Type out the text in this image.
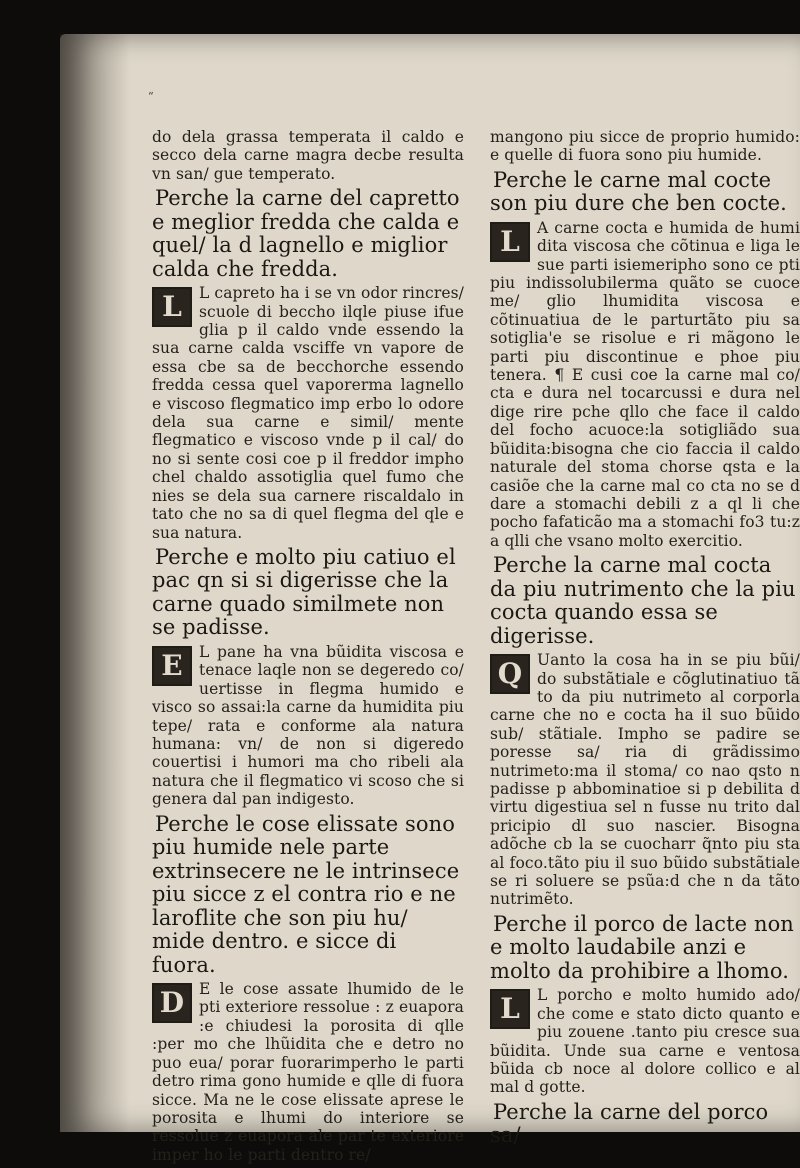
“
do dela grassa temperata il caldo e secco dela carne magra decbe resulta vn san/ gue temperato.
Perche la carne del capretto e meglior fredda che calda e quel/ la d lagnello e miglior calda che fredda.
L	L capreto ha i se vn odor rincres/ scuole di beccho ilqle piuse ifue glia p il caldo vnde essendo la sua carne calda vsciffe vn vapore de essa cbe sa de becchorche essendo fredda cessa quel vaporerma lagnello e viscoso flegmatico imp erbo lo odore dela sua carne e simil/ mente flegmatico e viscoso vnde p il cal/ do no si sente cosi coe p il freddor impho chel chaldo assotiglia quel fumo che nies se dela sua carnere riscaldalo in tato che no sa di quel flegma del qle e sua natura.
Perche e molto piu catiuo el pac qn si si digerisse che la carne quado similmete non se padisse.
E	L pane ha vna bũidita viscosa e tenace laqle non se degeredo co/ uertisse in flegma humido e visco so assai:la carne da humidita piu tepe/ rata e conforme ala natura humana: vn/ de non si digeredo couertisi i humori ma cho ribeli ala natura che il flegmatico vi scoso che si genera dal pan indigesto.
Perche le cose elissate sono piu humide nele parte extrinsecere ne le intrinsece piu sicce z el contra rio e ne laroflite che son piu hu/ mide dentro. e sicce di fuora.
D E le cose assate lhumido de le pti exteriore ressolue : z euapora :e chiudesi la porosita di qlle :per mo che lhũidita che e detro no puo eua/ porar fuorarimperho le parti detro rima gono humide e qlle di fuora sicce. Ma ne le cose elissate aprese le porosita e lhumi do interiore se ressolue z euapora ale par te exteriore imper ho le parti dentro re/
mangono piu sicce de proprio humido: e quelle di fuora sono piu humide.
Perche le carne mal cocte son piu dure che ben cocte.
L	A carne cocta e humida de humi dita viscosa che cõtinua e liga le sue parti isiemeripho sono ce pti piu indissolubilerma quãto se cuoce me/ glio lhumidita viscosa e cõtinuatiua de le parturtãto piu sa sotiglia'e se risolue e ri mãgono le parti piu discontinue e phoe piu tenera. ¶ E cusi coe la carne mal co/ cta e dura nel tocarcussi e dura nel dige rire pche qllo che face il caldo del focho acuoce:la sotigliãdo sua bũidita:bisogna che cio faccia il caldo naturale del stoma chorse qsta e la casiõe che la carne mal co cta no se d dare a stomachi debili z a ql li che pocho fafaticão ma a stomachi fo3 tu:z a qlli che vsano molto exercitio.
Perche la carne mal cocta da piu nutrimento che la piu cocta quando essa se digerisse.
Q Uanto la cosa ha in se piu bũi/ do substãtiale e cõglutinatiuo tã to da piu nutrimeto al corporla carne che no e cocta ha il suo bũido sub/ stãtiale. Impho se padire se poresse sa/ ria di grãdissimo nutrimeto:ma il stoma/ co nao qsto n padisse p abbominatioe si p debilita d virtu digestiua sel n fusse nu trito dal pricipio dl suo nascier. Bisogna adõche cb la se cuocharr q̃nto piu sta al foco.tãto piu il suo bũido substãtiale se ri soluere se psũa:d che n da tãto nutrimẽto.
Perche il porco de lacte non e molto laudabile anzi e molto da prohibire a lhomo.
L	L porcho e molto humido ado/ che come e stato dicto quanto e piu zouene .tanto piu cresce sua bũidita. Unde sua carne e ventosa bũida cb noce al dolore collico e al mal d gotte.
Perche la carne del porco sa/
